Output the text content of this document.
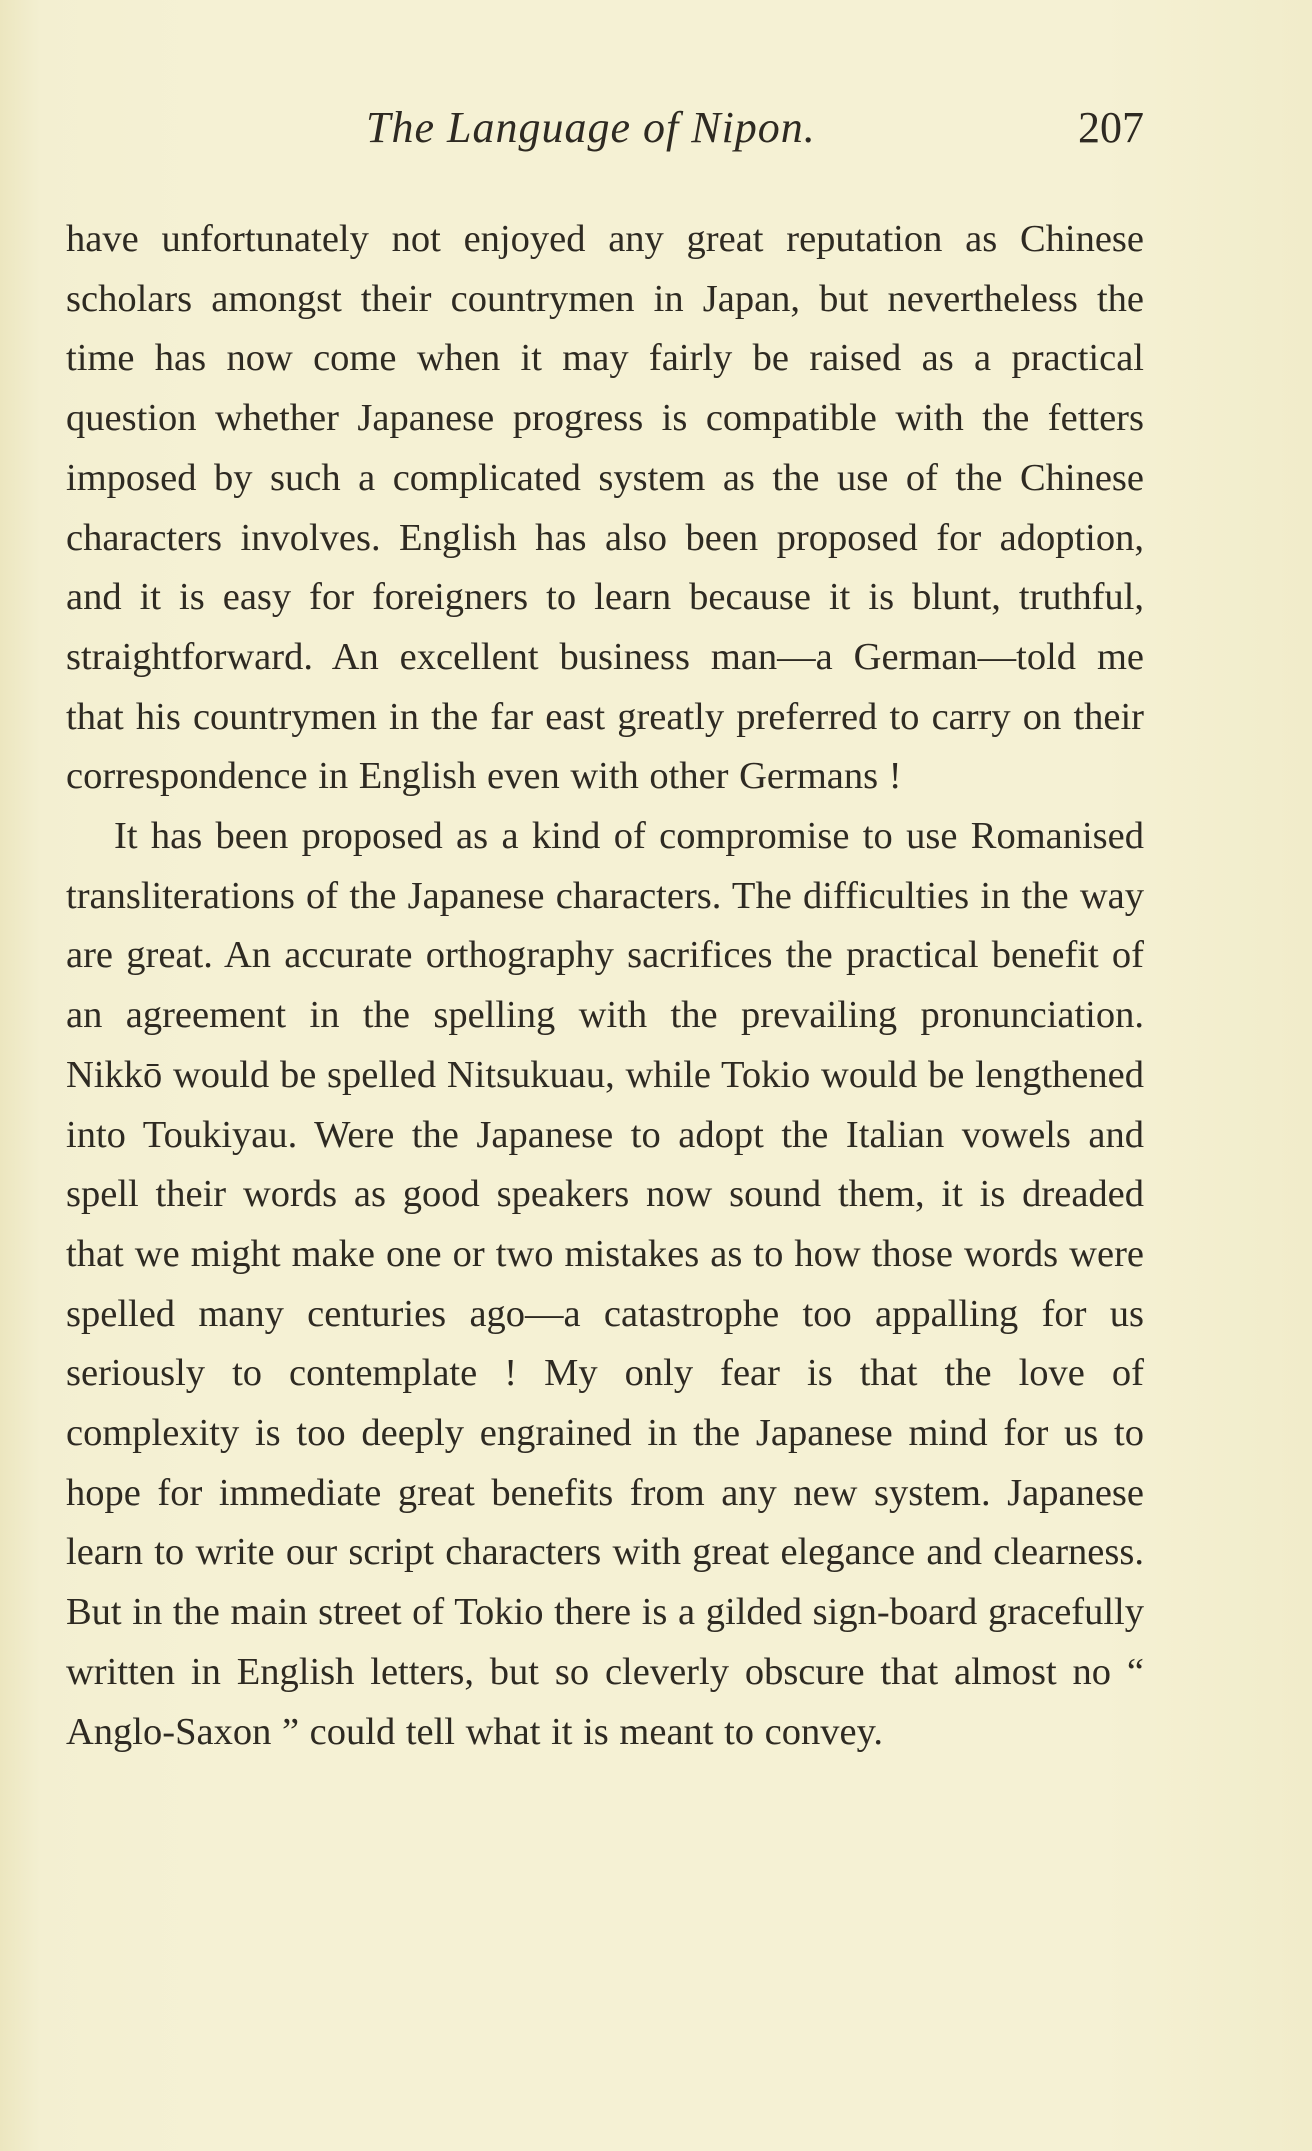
The Language of Nipon.	207

have unfortunately not enjoyed any great reputation as Chinese scholars amongst their countrymen in Japan, but nevertheless the time has now come when it may fairly be raised as a practical question whether Japanese progress is compatible with the fetters imposed by such a complicated system as the use of the Chinese characters involves. English has also been proposed for adoption, and it is easy for foreigners to learn because it is blunt, truthful, straightforward. An excellent business man—a German—told me that his countrymen in the far east greatly preferred to carry on their correspondence in English even with other Germans !

It has been proposed as a kind of compromise to use Romanised transliterations of the Japanese characters. The difficulties in the way are great. An accurate orthography sacrifices the practical benefit of an agreement in the spelling with the prevailing pronunciation. Nikkō would be spelled Nitsukuau, while Tokio would be lengthened into Toukiyau. Were the Japanese to adopt the Italian vowels and spell their words as good speakers now sound them, it is dreaded that we might make one or two mistakes as to how those words were spelled many centuries ago—a catastrophe too appalling for us seriously to contemplate ! My only fear is that the love of complexity is too deeply engrained in the Japanese mind for us to hope for immediate great benefits from any new system. Japanese learn to write our script characters with great elegance and clearness. But in the main street of Tokio there is a gilded sign-board gracefully written in English letters, but so cleverly obscure that almost no “ Anglo-Saxon ” could tell what it is meant to convey.
